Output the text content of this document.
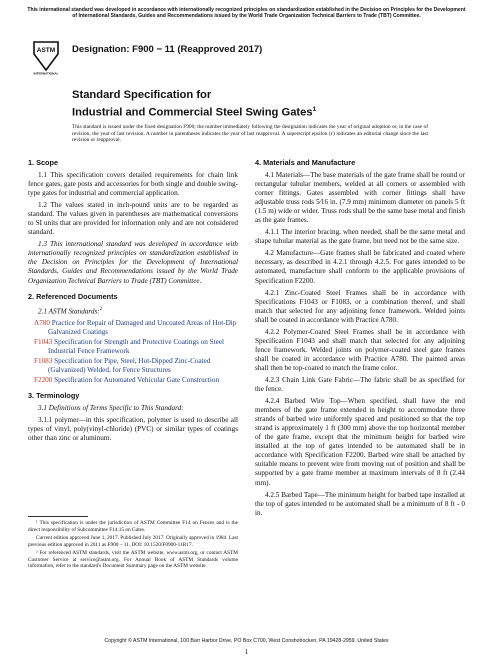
This international standard was developed in accordance with internationally recognized principles on standardization established in the Decision on Principles for the Development of International Standards, Guides and Recommendations issued by the World Trade Organization Technical Barriers to Trade (TBT) Committee.
ASTM
INTERNATIONAL
Designation: F900 − 11 (Reapproved 2017)
Standard Specification for
Industrial and Commercial Steel Swing Gates$^1$
This standard is issued under the fixed designation F900; the number immediately following the designation indicates the year of original adoption or, in the case of revision, the year of last revision. A number in parentheses indicates the year of last reapproval. A superscript epsilon (ε) indicates an editorial change since the last revision or reapproval.
1. Scope

1.1 This specification covers detailed requirements for chain link fence gates, gate posts and accessories for both single and double swing-type gates for industrial and commercial application.

1.2 The values stated in inch-pound units are to be regarded as standard. The values given in parentheses are mathematical conversions to SI units that are provided for information only and are not considered standard.

1.3 This international standard was developed in accordance with internationally recognized principles on standardization established in the Decision on Principles for the Development of International Standards, Guides and Recommendations issued by the World Trade Organization Technical Barriers to Trade (TBT) Committee.

2. Referenced Documents

2.1 ASTM Standards:$^2$

A780 Practice for Repair of Damaged and Uncoated Areas of Hot-Dip Galvanized Coatings
F1043 Specification for Strength and Protective Coatings on Steel Industrial Fence Framework
F1083 Specification for Pipe, Steel, Hot-Dipped Zinc-Coated (Galvanized) Welded, for Fence Structures
F2200 Specification for Automated Vehicular Gate Construction
3. Terminology

3.1 Definitions of Terms Specific to This Standard:

3.1.1 polymer—in this specification, polymer is used to describe all types of vinyl, poly(vinyl-chloride) (PVC) or similar types of coatings other than zinc or aluminum.

¹ This specification is under the jurisdiction of ASTM Committee F14 on Fences and is the direct responsibility of Subcommittee F14.15 on Gates.

Current edition approved June 1, 2017. Published July 2017. Originally approved in 1984. Last previous edition approved in 2011 as F900 – 11. DOI: 10.1520/F0900-11R17.

² For referenced ASTM standards, visit the ASTM website, www.astm.org, or contact ASTM Customer Service at service@astm.org. For Annual Book of ASTM Standards volume information, refer to the standard's Document Summary page on the ASTM website.

4. Materials and Manufacture

4.1 Materials—The base materials of the gate frame shall be round or rectangular tubular members, welded at all corners or assembled with corner fittings. Gates assembled with corner fittings shall have adjustable truss rods 5⁄16 in. (7.9 mm) minimum diameter on panels 5 ft (1.5 m) wide or wider. Truss rods shall be the same base metal and finish as the gate frames.

4.1.1 The interior bracing, when needed, shall be the same metal and shape tubular material as the gate frame, but need not be the same size.

4.2 Manufacture—Gate frames shall be fabricated and coated where necessary, as described in 4.2.1 through 4.2.5. For gates intended to be automated, manufacture shall conform to the applicable provisions of Specification F2200.

4.2.1 Zinc-Coated Steel Frames shall be in accordance with Specifications F1043 or F1083, or a combination thereof, and shall match that selected for any adjoining fence framework. Welded joints shall be coated in accordance with Practice A780.

4.2.2 Polymer-Coated Steel Frames shall be in accordance with Specification F1043 and shall match that selected for any adjoining fence framework. Welded joints on polymer-coated steel gate frames shall be coated in accordance with Practice A780. The painted areas shall then be top-coated to match the frame color.

4.2.3 Chain Link Gate Fabric—The fabric shall be as specified for the fence.

4.2.4 Barbed Wire Top—When specified, shall have the end members of the gate frame extended in height to accommodate three strands of barbed wire uniformly spaced and positioned so that the top strand is approximately 1 ft (300 mm) above the top horizontal member of the gate frame, except that the minimum height for barbed wire installed at the top of gates intended to be automated shall be in accordance with Specification F2200. Barbed wire shall be attached by suitable means to prevent wire from moving out of position and shall be supported by a gate frame member at maximum intervals of 8 ft (2.44 mm).

4.2.5 Barbed Tape—The minimum height for barbed tape installed at the top of gates intended to be automated shall be a minimum of 8 ft - 0 in.

Copyright © ASTM International, 100 Barr Harbor Drive, PO Box C700, West Conshohocken, PA 19428-2959. United States
1
